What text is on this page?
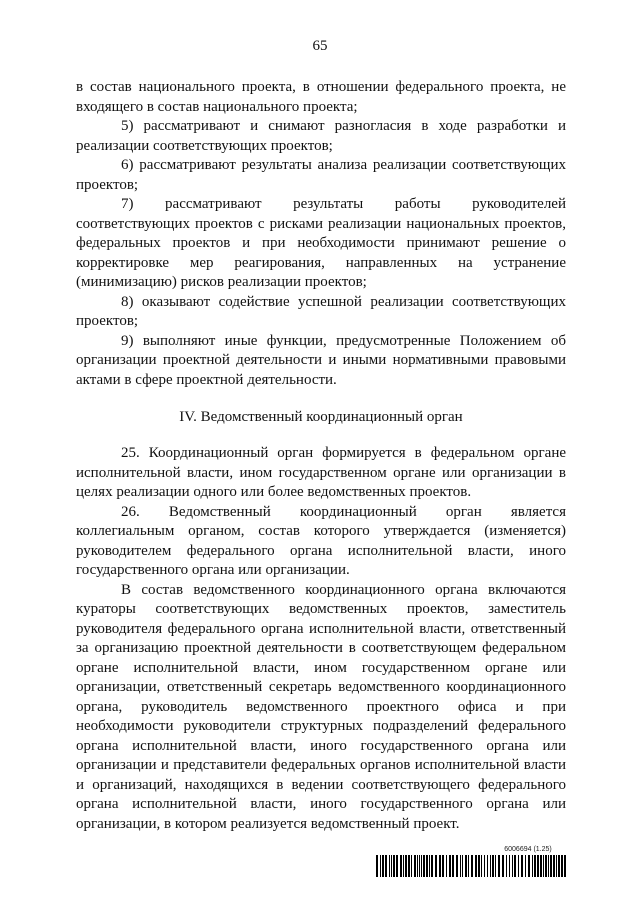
65

в состав национального проекта, в отношении федерального проекта, не входящего в состав национального проекта;

5) рассматривают и снимают разногласия в ходе разработки и реализации соответствующих проектов;

6) рассматривают результаты анализа реализации соответствующих проектов;

7) рассматривают результаты работы руководителей соответствующих проектов с рисками реализации национальных проектов, федеральных проектов и при необходимости принимают решение о корректировке мер реагирования, направленных на устранение (минимизацию) рисков реализации проектов;

8) оказывают содействие успешной реализации соответствующих проектов;

9) выполняют иные функции, предусмотренные Положением об организации проектной деятельности и иными нормативными правовыми актами в сфере проектной деятельности.

IV. Ведомственный координационный орган

25. Координационный орган формируется в федеральном органе исполнительной власти, ином государственном органе или организации в целях реализации одного или более ведомственных проектов.

26. Ведомственный координационный орган является коллегиальным органом, состав которого утверждается (изменяется) руководителем федерального органа исполнительной власти, иного государственного органа или организации.

В состав ведомственного координационного органа включаются кураторы соответствующих ведомственных проектов, заместитель руководителя федерального органа исполнительной власти, ответственный за организацию проектной деятельности в соответствующем федеральном органе исполнительной власти, ином государственном органе или организации, ответственный секретарь ведомственного координационного органа, руководитель ведомственного проектного офиса и при необходимости руководители структурных подразделений федерального органа исполнительной власти, иного государственного органа или организации и представители федеральных органов исполнительной власти и организаций, находящихся в ведении соответствующего федерального органа исполнительной власти, иного государственного органа или организации, в котором реализуется ведомственный проект.

6006694 (1.25)
